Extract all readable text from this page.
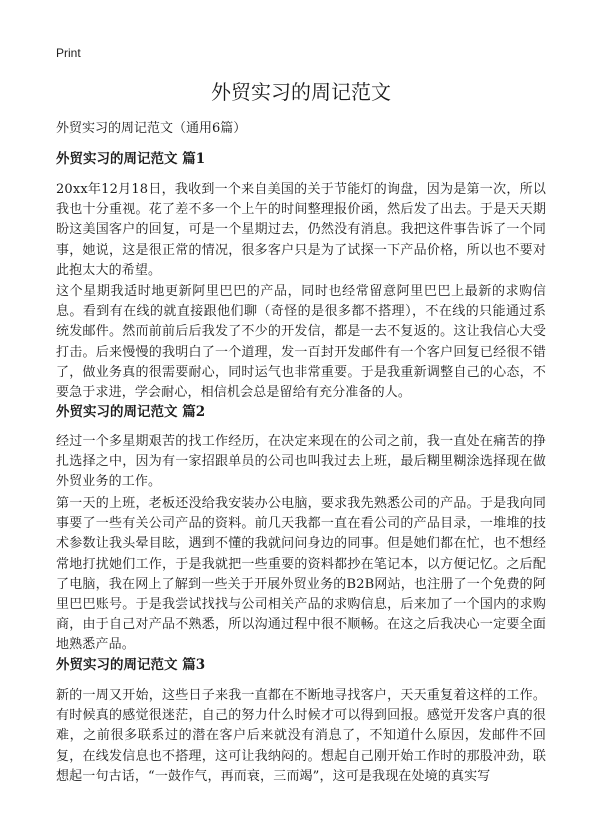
Print
外贸实习的周记范文

外贸实习的周记范文（通用6篇）

外贸实习的周记范文 篇1

20xx年12月18日，我收到一个来自美国的关于节能灯的询盘，因为是第一次，所以我也十分重视。花了差不多一个上午的时间整理报价函，然后发了出去。于是天天期盼这美国客户的回复，可是一个星期过去，仍然没有消息。我把这件事告诉了一个同事，她说，这是很正常的情况，很多客户只是为了试探一下产品价格，所以也不要对此抱太大的希望。

这个星期我适时地更新阿里巴巴的产品，同时也经常留意阿里巴巴上最新的求购信息。看到有在线的就直接跟他们聊（奇怪的是很多都不搭理），不在线的只能通过系统发邮件。然而前前后后我发了不少的开发信，都是一去不复返的。这让我信心大受打击。后来慢慢的我明白了一个道理，发一百封开发邮件有一个客户回复已经很不错了，做业务真的很需要耐心，同时运气也非常重要。于是我重新调整自己的心态，不要急于求进，学会耐心，相信机会总是留给有充分准备的人。

外贸实习的周记范文 篇2

经过一个多星期艰苦的找工作经历，在决定来现在的公司之前，我一直处在痛苦的挣扎选择之中，因为有一家招跟单员的公司也叫我过去上班，最后糊里糊涂选择现在做外贸业务的工作。

第一天的上班，老板还没给我安装办公电脑，要求我先熟悉公司的产品。于是我向同事要了一些有关公司产品的资料。前几天我都一直在看公司的产品目录，一堆堆的技术参数让我头晕目眩，遇到不懂的我就问问身边的同事。但是她们都在忙，也不想经常地打扰她们工作，于是我就把一些重要的资料都抄在笔记本，以方便记忆。之后配了电脑，我在网上了解到一些关于开展外贸业务的B2B网站，也注册了一个免费的阿里巴巴账号。于是我尝试找找与公司相关产品的求购信息，后来加了一个国内的求购商，由于自己对产品不熟悉，所以沟通过程中很不顺畅。在这之后我决心一定要全面地熟悉产品。

外贸实习的周记范文 篇3

新的一周又开始，这些日子来我一直都在不断地寻找客户，天天重复着这样的工作。有时候真的感觉很迷茫，自己的努力什么时候才可以得到回报。感觉开发客户真的很难，之前很多联系过的潜在客户后来就没有消息了，不知道什么原因，发邮件不回复，在线发信息也不搭理，这可让我纳闷的。想起自己刚开始工作时的那股冲劲，联想起一句古话，“一鼓作气，再而衰，三而竭”，这可是我现在处境的真实写
